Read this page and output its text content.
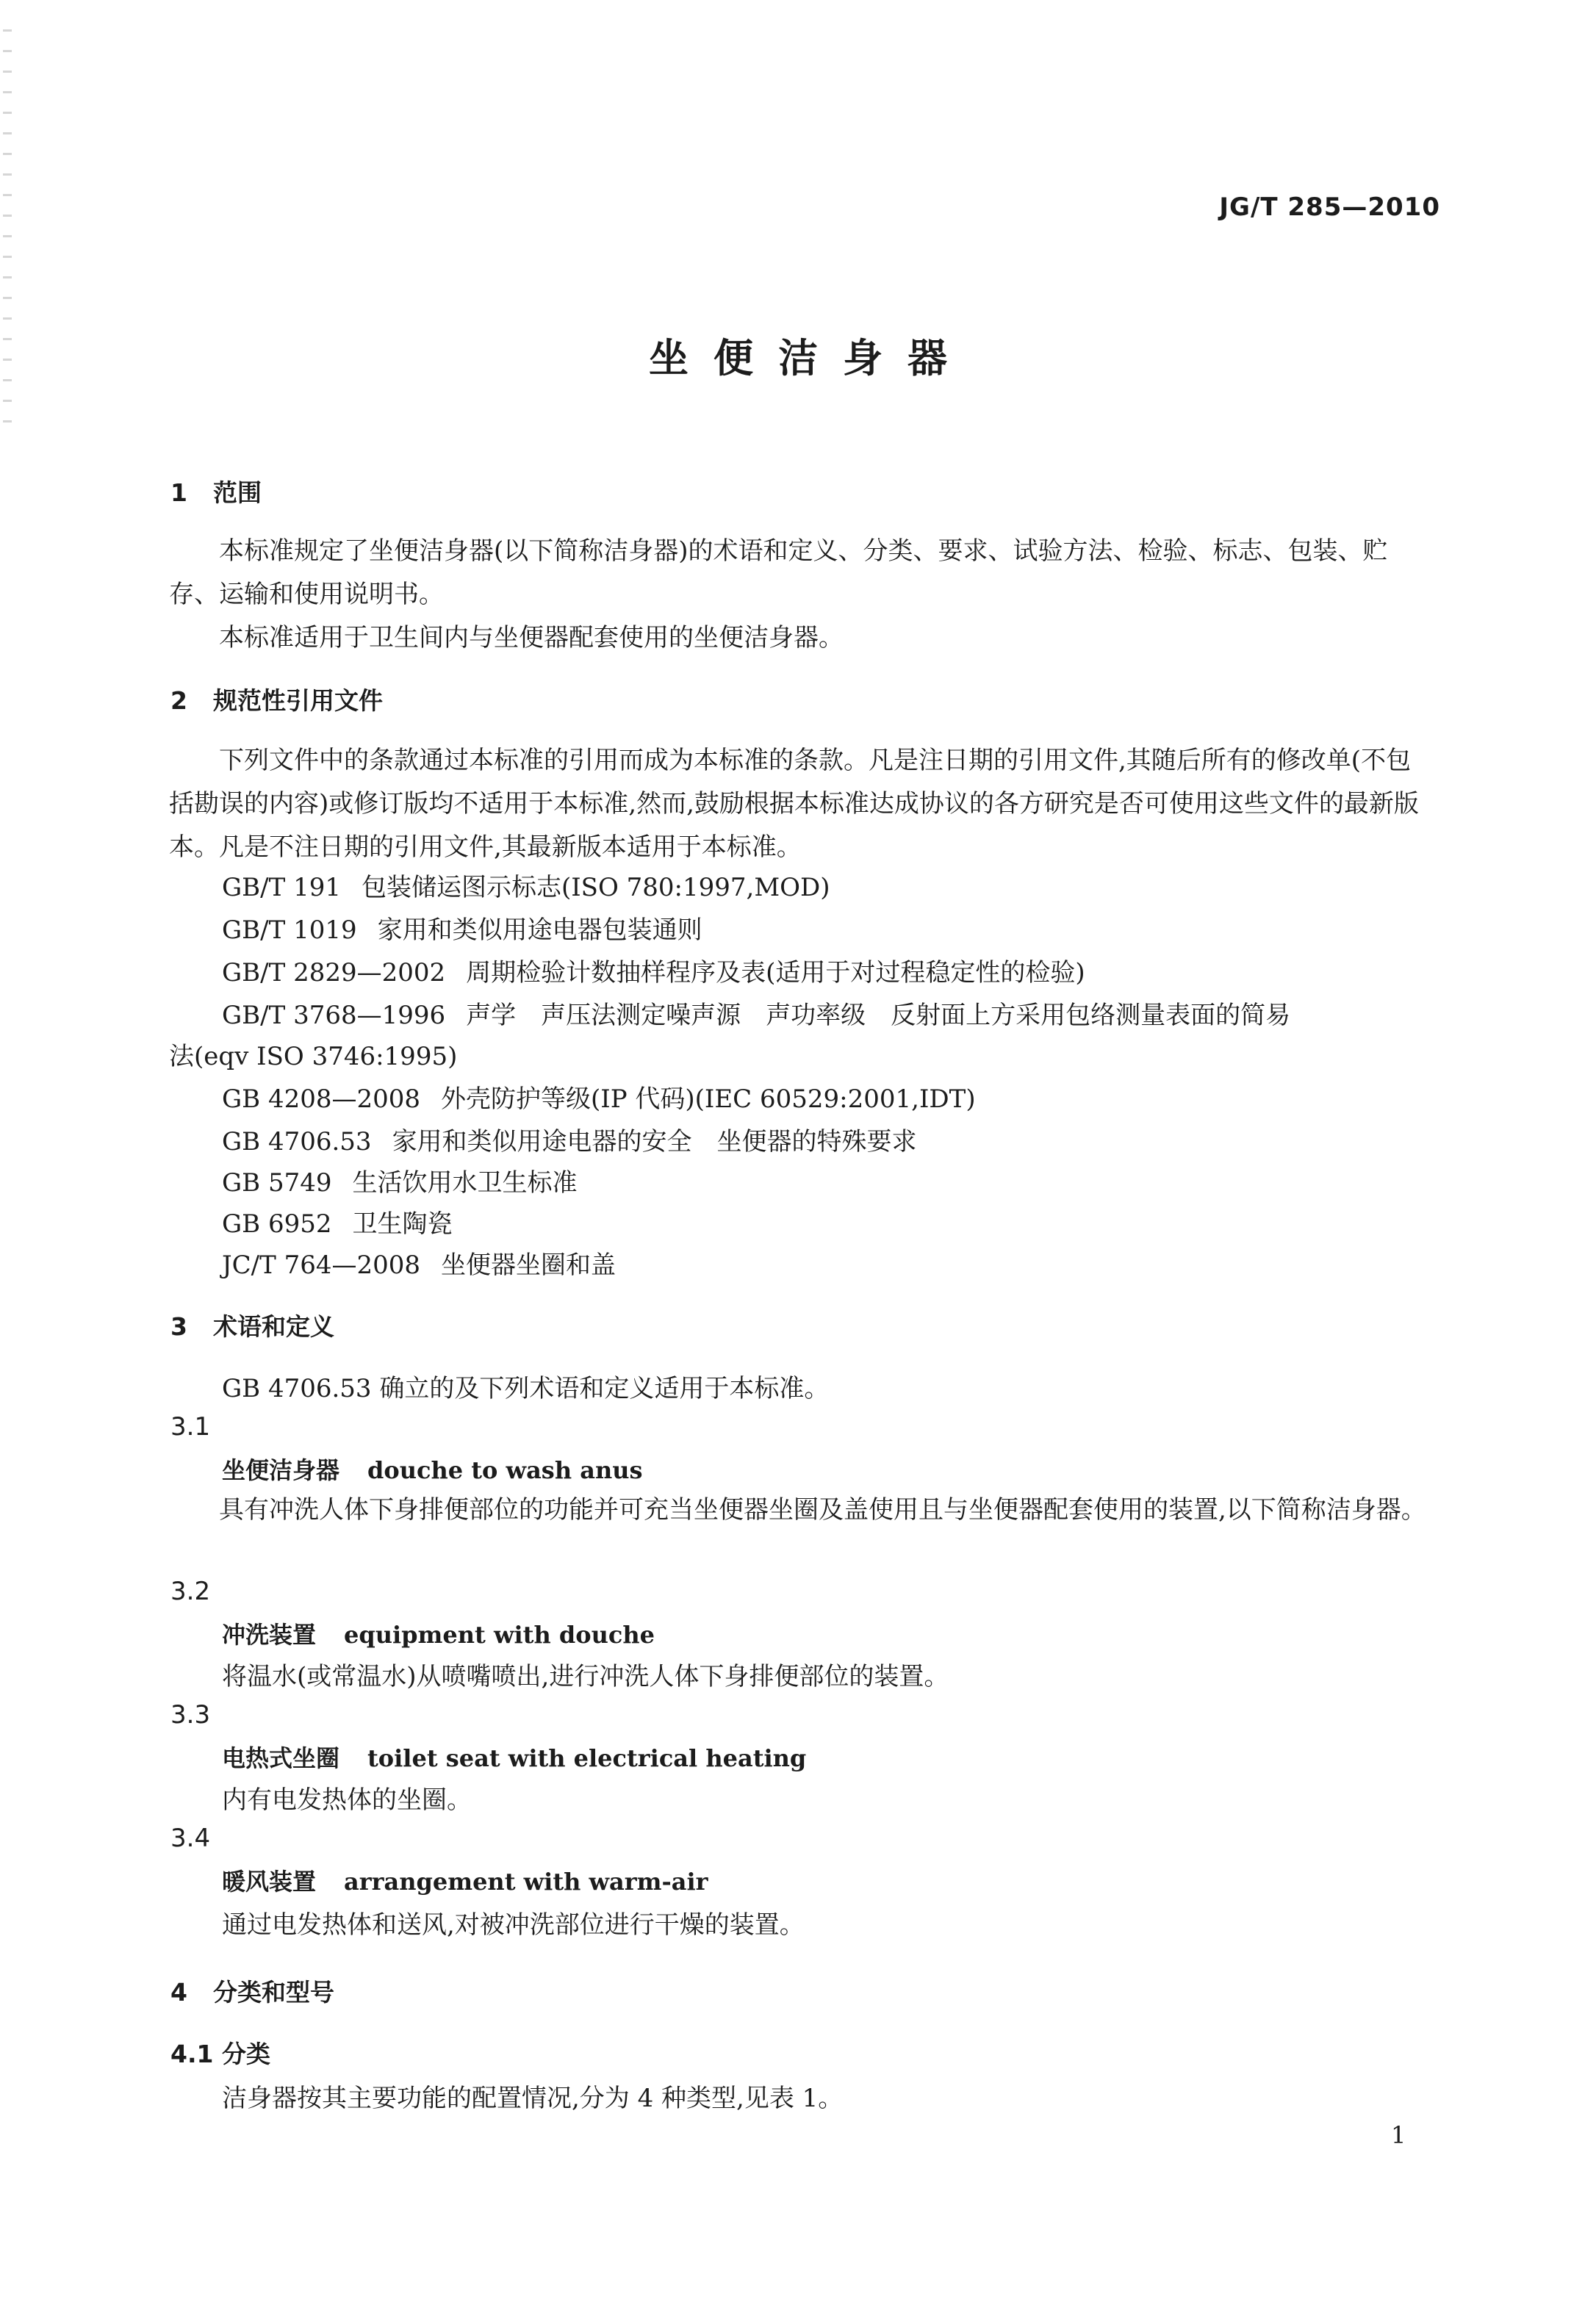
JG/T 285—2010
坐便洁身器
1 范围
本标准规定了坐便洁身器(以下简称洁身器)的术语和定义、分类、要求、试验方法、检验、标志、包装、贮存、运输和使用说明书。
本标准适用于卫生间内与坐便器配套使用的坐便洁身器。
2 规范性引用文件
下列文件中的条款通过本标准的引用而成为本标准的条款。凡是注日期的引用文件,其随后所有的修改单(不包括勘误的内容)或修订版均不适用于本标准,然而,鼓励根据本标准达成协议的各方研究是否可使用这些文件的最新版本。凡是不注日期的引用文件,其最新版本适用于本标准。
GB/T 191 包装储运图示标志(ISO 780:1997,MOD)
GB/T 1019 家用和类似用途电器包装通则
GB/T 2829—2002 周期检验计数抽样程序及表(适用于对过程稳定性的检验)
GB/T 3768—1996 声学　声压法测定噪声源　声功率级　反射面上方采用包络测量表面的简易
法(eqv ISO 3746:1995)
GB 4208—2008 外壳防护等级(IP 代码)(IEC 60529:2001,IDT)
GB 4706.53 家用和类似用途电器的安全　坐便器的特殊要求
GB 5749 生活饮用水卫生标准
GB 6952 卫生陶瓷
JC/T 764—2008 坐便器坐圈和盖
3 术语和定义
GB 4706.53 确立的及下列术语和定义适用于本标准。
3.1
坐便洁身器 douche to wash anus
具有冲洗人体下身排便部位的功能并可充当坐便器坐圈及盖使用且与坐便器配套使用的装置,以下简称洁身器。
3.2
冲洗装置 equipment with douche
将温水(或常温水)从喷嘴喷出,进行冲洗人体下身排便部位的装置。
3.3
电热式坐圈 toilet seat with electrical heating
内有电发热体的坐圈。
3.4
暖风装置 arrangement with warm-air
通过电发热体和送风,对被冲洗部位进行干燥的装置。
4 分类和型号
4.1 分类
洁身器按其主要功能的配置情况,分为 4 种类型,见表 1。
1
